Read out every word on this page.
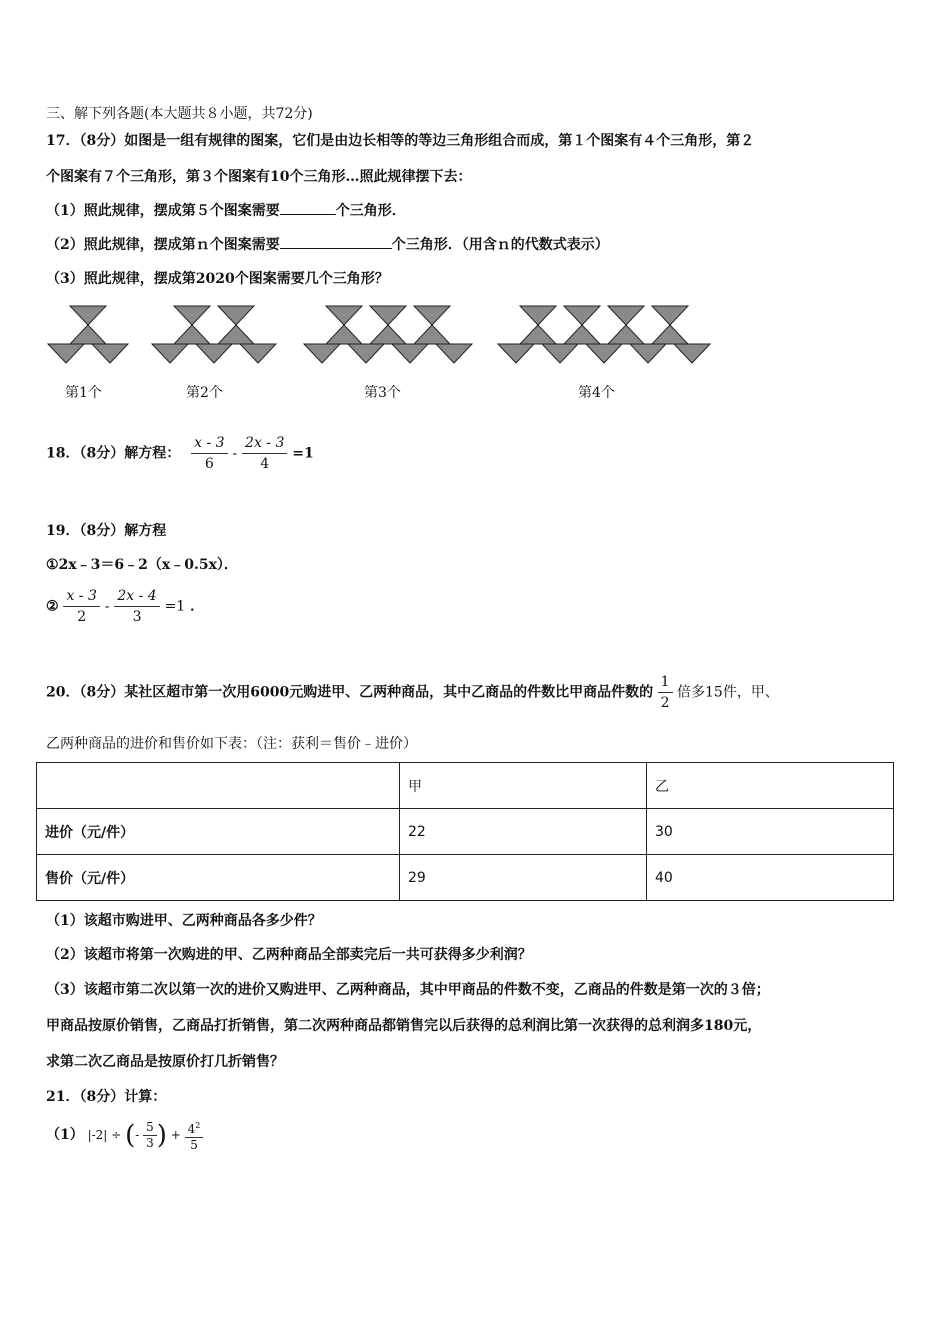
三、解下列各题(本大题共８小题，共72分)
17．（8分）如图是一组有规律的图案，它们是由边长相等的等边三角形组合而成，第１个图案有４个三角形，第２
个图案有７个三角形，第３个图案有10个三角形…照此规律摆下去：
（1）照此规律，摆成第５个图案需要	个三角形．
（2）照此规律，摆成第ｎ个图案需要	个三角形．（用含ｎ的代数式表示）
（3）照此规律，摆成第2020个图案需要几个三角形？
第1个	第2个	第3个	第4个
18．（8分）解方程： $\frac{x - 3}{6} - \frac{2x - 3}{4} =1$
19．（8分）解方程
①2x﹣3＝6﹣2（x﹣0.5x）．
② $\frac{x - 3}{2} - \frac{2x - 4}{3} =1$ ．
20．（8分）某社区超市第一次用6000元购进甲、乙两种商品，其中乙商品的件数比甲商品件数的 $\frac{1}{2}$ 倍多15件，甲、
乙两种商品的进价和售价如下表：（注：获利＝售价﹣进价）
	甲	乙
进价（元/件）	22	30
售价（元/件）	29	40
（1）该超市购进甲、乙两种商品各多少件？
（2）该超市将第一次购进的甲、乙两种商品全部卖完后一共可获得多少利润？
（3）该超市第二次以第一次的进价又购进甲、乙两种商品，其中甲商品的件数不变，乙商品的件数是第一次的３倍；
甲商品按原价销售，乙商品打折销售，第二次两种商品都销售完以后获得的总利润比第一次获得的总利润多180元，
求第二次乙商品是按原价打几折销售？
21．（8分）计算：
（1） |-2| ÷ (- $\frac{5}{3}$ ) + $\frac{4^2}{5}$
